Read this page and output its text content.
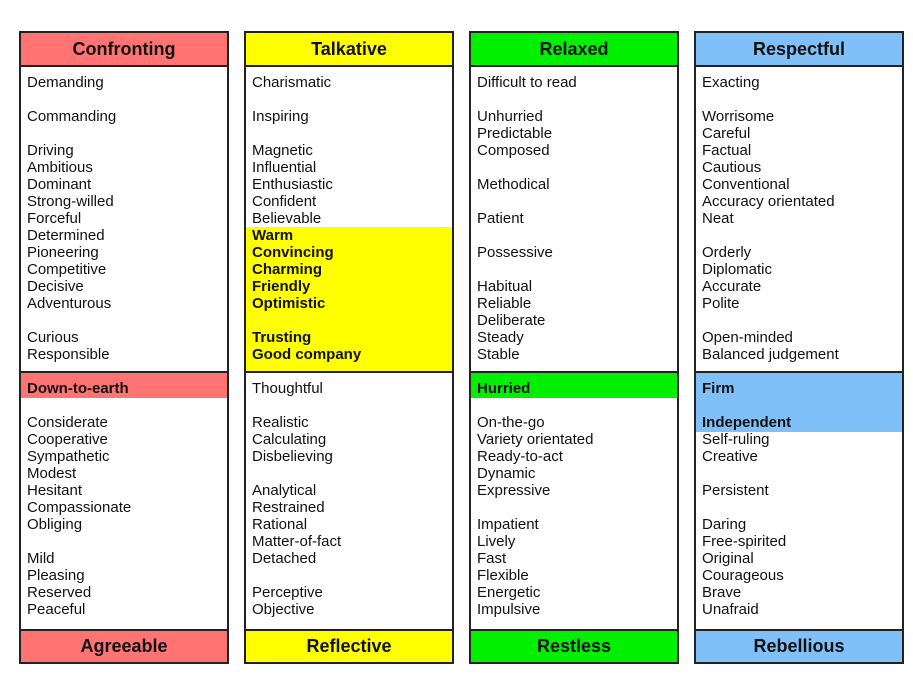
Confronting
Demanding
Commanding
Driving
Ambitious
Dominant
Strong-willed
Forceful
Determined
Pioneering
Competitive
Decisive
Adventurous
Curious
Responsible
Down-to-earth
Considerate
Cooperative
Sympathetic
Modest
Hesitant
Compassionate
Obliging
Mild
Pleasing
Reserved
Peaceful
Agreeable
Talkative
Charismatic
Inspiring
Magnetic
Influential
Enthusiastic
Confident
Believable
Warm
Convincing
Charming
Friendly
Optimistic
Trusting
Good company
Thoughtful
Realistic
Calculating
Disbelieving
Analytical
Restrained
Rational
Matter-of-fact
Detached
Perceptive
Objective
Reflective
Relaxed
Difficult to read
Unhurried
Predictable
Composed
Methodical
Patient
Possessive
Habitual
Reliable
Deliberate
Steady
Stable
Hurried
On-the-go
Variety orientated
Ready-to-act
Dynamic
Expressive
Impatient
Lively
Fast
Flexible
Energetic
Impulsive
Restless
Respectful
Exacting
Worrisome
Careful
Factual
Cautious
Conventional
Accuracy orientated
Neat
Orderly
Diplomatic
Accurate
Polite
Open-minded
Balanced judgement
Firm
Independent
Self-ruling
Creative
Persistent
Daring
Free-spirited
Original
Courageous
Brave
Unafraid
Rebellious
